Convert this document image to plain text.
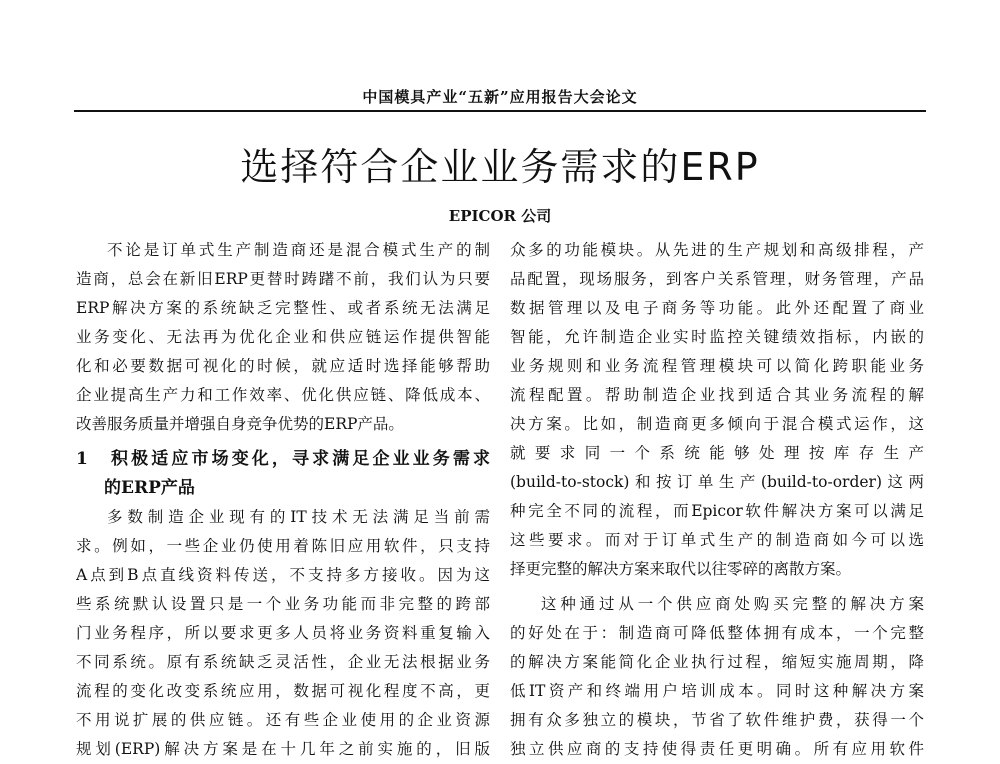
中国模具产业“五新”应用报告大会论文
选择符合企业业务需求的ERP
EPICOR 公司
不论是订单式生产制造商还是混合模式生产的制
造商，总会在新旧ERP更替时踌躇不前，我们认为只要
ERP解决方案的系统缺乏完整性、或者系统无法满足
业务变化、无法再为优化企业和供应链运作提供智能
化和必要数据可视化的时候，就应适时选择能够帮助
企业提高生产力和工作效率、优化供应链、降低成本、
改善服务质量并增强自身竞争优势的ERP产品。
1　积极适应市场变化，寻求满足企业业务需求
的ERP产品
多数制造企业现有的IT技术无法满足当前需
求。例如，一些企业仍使用着陈旧应用软件，只支持
A点到B点直线资料传送，不支持多方接收。因为这
些系统默认设置只是一个业务功能而非完整的跨部
门业务程序，所以要求更多人员将业务资料重复输入
不同系统。原有系统缺乏灵活性，企业无法根据业务
流程的变化改变系统应用，数据可视化程度不高，更
不用说扩展的供应链。还有些企业使用的企业资源
规划(ERP)解决方案是在十几年之前实施的，旧版
众多的功能模块。从先进的生产规划和高级排程，产
品配置，现场服务，到客户关系管理，财务管理，产品
数据管理以及电子商务等功能。此外还配置了商业
智能，允许制造企业实时监控关键绩效指标，内嵌的
业务规则和业务流程管理模块可以简化跨职能业务
流程配置。帮助制造企业找到适合其业务流程的解
决方案。比如，制造商更多倾向于混合模式运作，这
就要求同一个系统能够处理按库存生产
(build-to-stock)和按订单生产(build-to-order)这两
种完全不同的流程，而Epicor软件解决方案可以满足
这些要求。而对于订单式生产的制造商如今可以选
择更完整的解决方案来取代以往零碎的离散方案。
这种通过从一个供应商处购买完整的解决方案
的好处在于：制造商可降低整体拥有成本，一个完整
的解决方案能简化企业执行过程，缩短实施周期，降
低IT资产和终端用户培训成本。同时这种解决方案
拥有众多独立的模块，节省了软件维护费，获得一个
独立供应商的支持使得责任更明确。所有应用软件
